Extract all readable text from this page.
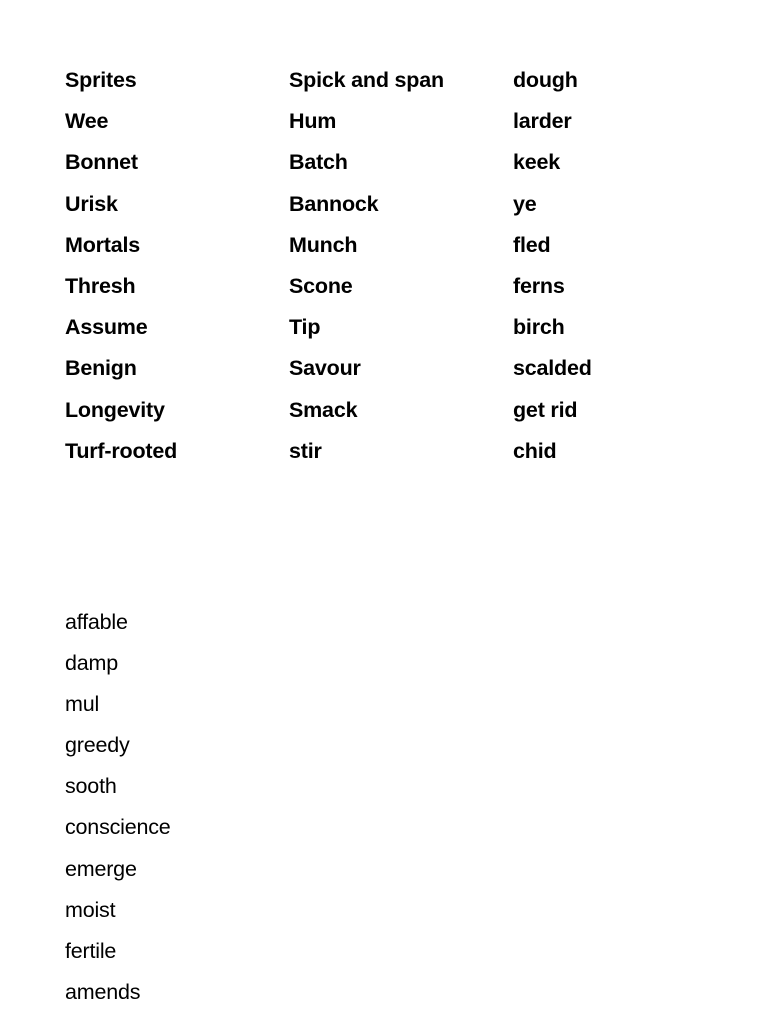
Sprites
Wee
Bonnet
Urisk
Mortals
Thresh
Assume
Benign
Longevity
Turf-rooted
Spick and span
Hum
Batch
Bannock
Munch
Scone
Tip
Savour
Smack
stir
dough
larder
keek
ye
fled
ferns
birch
scalded
get rid
chid
affable
damp
mul
greedy
sooth
conscience
emerge
moist
fertile
amends
